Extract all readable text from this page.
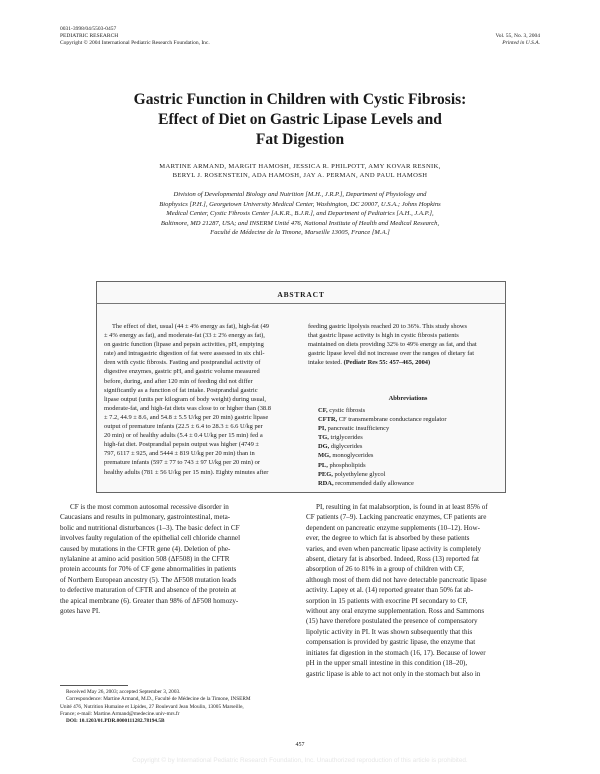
0031-3998/04/5503-0457
PEDIATRIC RESEARCH
Copyright © 2004 International Pediatric Research Foundation, Inc.
Vol. 55, No. 3, 2004
Printed in U.S.A.
Gastric Function in Children with Cystic Fibrosis:
Effect of Diet on Gastric Lipase Levels and
Fat Digestion
MARTINE ARMAND, MARGIT HAMOSH, JESSICA R. PHILPOTT, AMY KOVAR RESNIK,
BERYL J. ROSENSTEIN, ADA HAMOSH, JAY A. PERMAN, AND PAUL HAMOSH
Division of Developmental Biology and Nutrition [M.H., J.R.P.], Department of Physiology and
Biophysics [P.H.], Georgetown University Medical Center, Washington, DC 20007, U.S.A.; Johns Hopkins
Medical Center, Cystic Fibrosis Center [A.K.R., B.J.R.], and Department of Pediatrics [A.H., J.A.P.],
Baltimore, MD 21287, USA; and INSERM Unité 476, National Institute of Health and Medical Research,
Faculté de Médecine de la Timone, Marseille 13005, France [M.A.]
ABSTRACT
The effect of diet, usual (44 ± 4% energy as fat), high-fat (49
± 4% energy as fat), and moderate-fat (33 ± 2% energy as fat),
on gastric function (lipase and pepsin activities, pH, emptying
rate) and intragastric digestion of fat were assessed in six chil-
dren with cystic fibrosis. Fasting and postprandial activity of
digestive enzymes, gastric pH, and gastric volume measured
before, during, and after 120 min of feeding did not differ
significantly as a function of fat intake. Postprandial gastric
lipase output (units per kilogram of body weight) during usual,
moderate-fat, and high-fat diets was close to or higher than (38.8
± 7.2, 44.9 ± 8.6, and 54.8 ± 5.5 U/kg per 20 min) gastric lipase
output of premature infants (22.5 ± 6.4 to 28.3 ± 6.6 U/kg per
20 min) or of healthy adults (5.4 ± 0.4 U/kg per 15 min) fed a
high-fat diet. Postprandial pepsin output was higher (4749 ±
797, 6117 ± 925, and 5444 ± 819 U/kg per 20 min) than in
premature infants (597 ± 77 to 743 ± 97 U/kg per 20 min) or
healthy adults (781 ± 56 U/kg per 15 min). Eighty minutes after
feeding gastric lipolysis reached 20 to 36%. This study shows
that gastric lipase activity is high in cystic fibrosis patients
maintained on diets providing 32% to 49% energy as fat, and that
gastric lipase level did not increase over the ranges of dietary fat
intake tested. (Pediatr Res 55: 457–465, 2004)
Abbreviations
CF, cystic fibrosis
CFTR, CF transmembrane conductance regulator
PI, pancreatic insufficiency
TG, triglycerides
DG, diglycerides
MG, monoglycerides
PL, phospholipids
PEG, polyethylene glycol
RDA, recommended daily allowance
CF is the most common autosomal recessive disorder in
Caucasians and results in pulmonary, gastrointestinal, meta-
bolic and nutritional disturbances (1–3). The basic defect in CF
involves faulty regulation of the epithelial cell chloride channel
caused by mutations in the CFTR gene (4). Deletion of phe-
nylalanine at amino acid position 508 (ΔF508) in the CFTR
protein accounts for 70% of CF gene abnormalities in patients
of Northern European ancestry (5). The ΔF508 mutation leads
to defective maturation of CFTR and absence of the protein at
the apical membrane (6). Greater than 98% of ΔF508 homozy-
gotes have PI.
PI, resulting in fat malabsorption, is found in at least 85% of
CF patients (7–9). Lacking pancreatic enzymes, CF patients are
dependent on pancreatic enzyme supplements (10–12). How-
ever, the degree to which fat is absorbed by these patients
varies, and even when pancreatic lipase activity is completely
absent, dietary fat is absorbed. Indeed, Ross (13) reported fat
absorption of 26 to 81% in a group of children with CF,
although most of them did not have detectable pancreatic lipase
activity. Lapey et al. (14) reported greater than 50% fat ab-
sorption in 15 patients with exocrine PI secondary to CF,
without any oral enzyme supplementation. Ross and Sammons
(15) have therefore postulated the presence of compensatory
lipolytic activity in PI. It was shown subsequently that this
compensation is provided by gastric lipase, the enzyme that
initiates fat digestion in the stomach (16, 17). Because of lower
pH in the upper small intestine in this condition (18–20),
gastric lipase is able to act not only in the stomach but also in
Received May 26, 2003; accepted September 3, 2003.
Correspondence: Martine Armand, M.D., Faculté de Médecine de la Timone, INSERM
Unité 476, Nutrition Humaine et Lipides, 27 Boulevard Jean Moulin, 13005 Marseille,
France; e-mail: Martine.Armand@medecine.univ-mrs.fr
DOI: 10.1203/01.PDR.0000111282.78194.5B
457
Copyright © by International Pediatric Research Foundation, Inc. Unauthorized reproduction of this article is prohibited.
